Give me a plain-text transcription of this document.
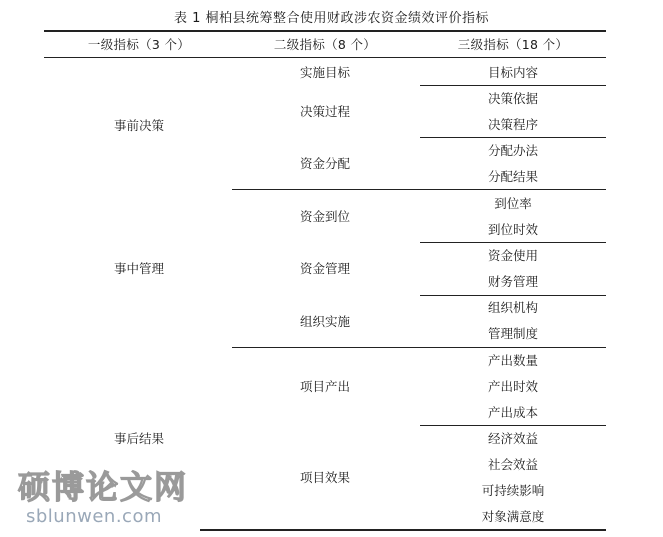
表 1 桐柏县统筹整合使用财政涉农资金绩效评价指标
一级指标（3 个）	二级指标（8 个）	三级指标（18 个）
事前决策
事中管理
事后结果
实施目标
决策过程
资金分配
资金到位
资金管理
组织实施
项目产出
项目效果
目标内容
决策依据
决策程序
分配办法
分配结果
到位率
到位时效
资金使用
财务管理
组织机构
管理制度
产出数量
产出时效
产出成本
经济效益
社会效益
可持续影响
对象满意度
硕博论文网
sblunwen.com
